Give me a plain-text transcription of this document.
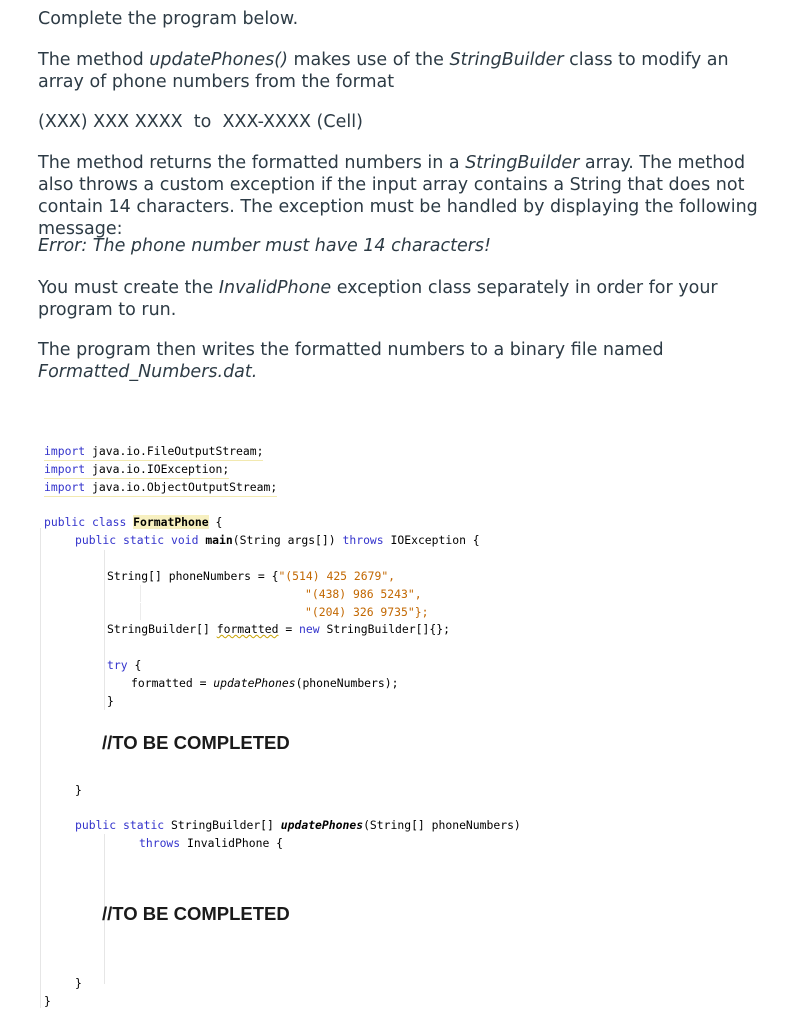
Complete the program below.

The method updatePhones() makes use of the StringBuilder class to modify an array of phone numbers from the format

(XXX) XXX XXXX  to  XXX-XXXX (Cell)

The method returns the formatted numbers in a StringBuilder array. The method also throws a custom exception if the input array contains a String that does not contain 14 characters. The exception must be handled by displaying the following message:

Error: The phone number must have 14 characters!

You must create the InvalidPhone exception class separately in order for your program to run.

The program then writes the formatted numbers to a binary file named Formatted_Numbers.dat.

import java.io.FileOutputStream;
import java.io.IOException;
import java.io.ObjectOutputStream;
public class FormatPhone {
public static void main(String args[]) throws IOException {
String[] phoneNumbers = {"(514) 425 2679",
"(438) 986 5243",
"(204) 326 9735"};
StringBuilder[] formatted = new StringBuilder[]{};
try {
formatted = updatePhones(phoneNumbers);
}
//TO BE COMPLETED
}
public static StringBuilder[] updatePhones(String[] phoneNumbers)
throws InvalidPhone {
//TO BE COMPLETED
}
}
